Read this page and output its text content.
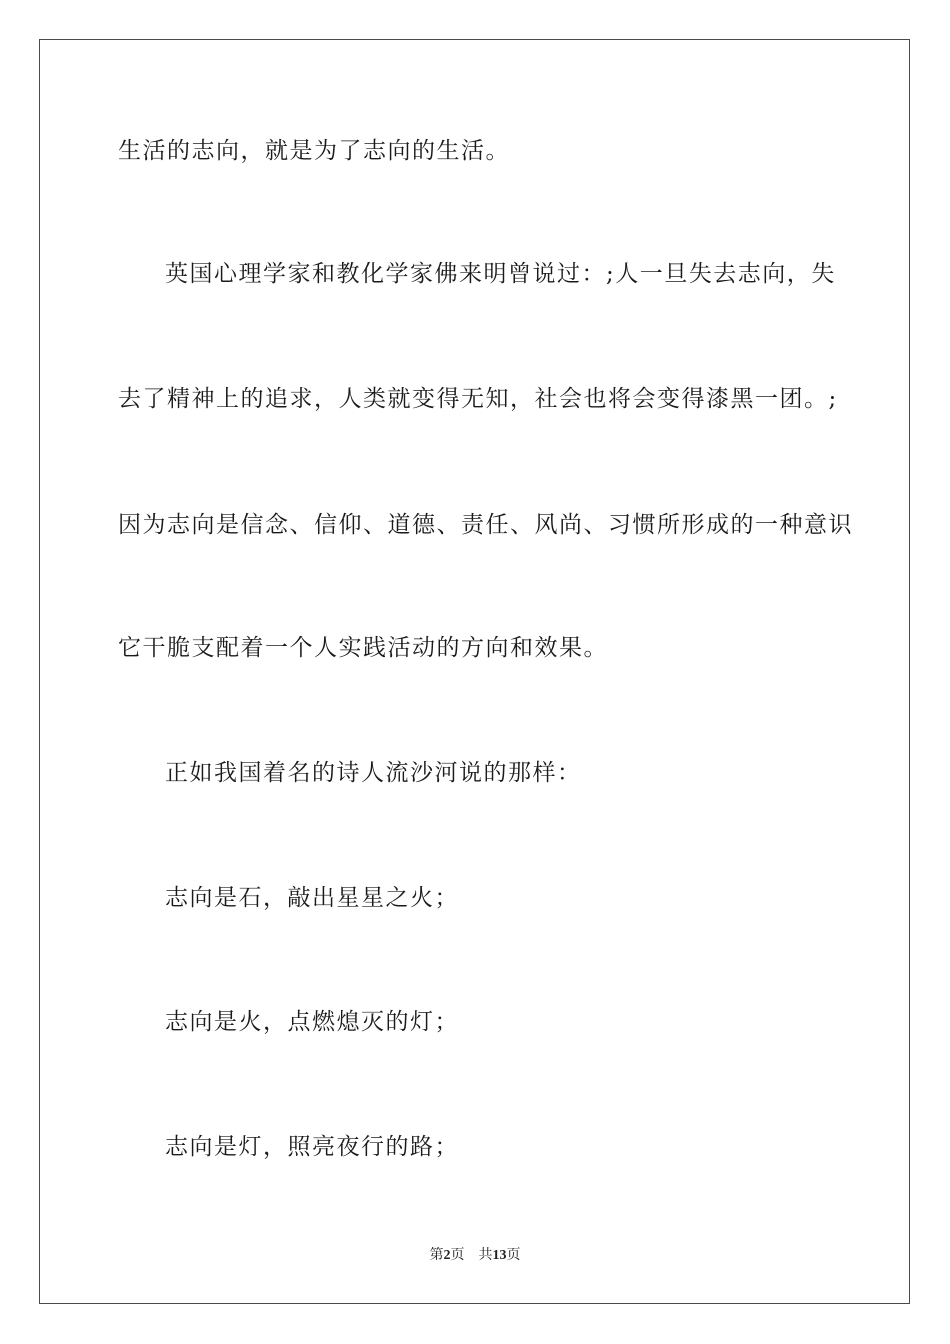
生活的志向，就是为了志向的生活。
英国心理学家和教化学家佛来明曾说过：;人一旦失去志向，失
去了精神上的追求，人类就变得无知，社会也将会变得漆黑一团。;
因为志向是信念、信仰、道德、责任、风尚、习惯所形成的一种意识
它干脆支配着一个人实践活动的方向和效果。
正如我国着名的诗人流沙河说的那样：
志向是石，敲出星星之火；
志向是火，点燃熄灭的灯；
志向是灯，照亮夜行的路；
第2页 共13页
